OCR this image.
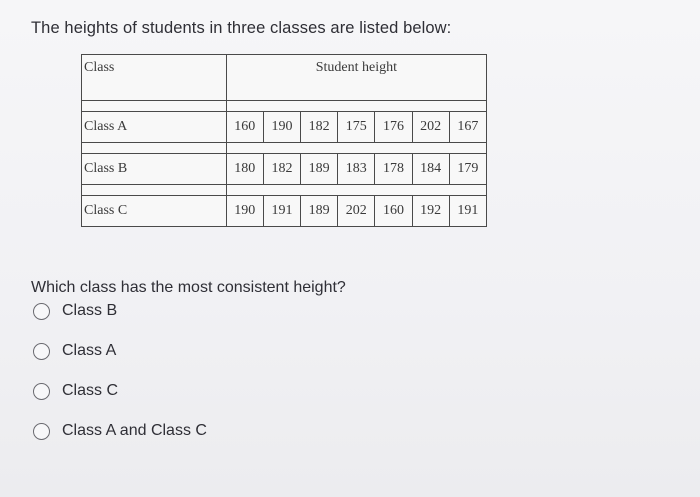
The heights of students in three classes are listed below:
Class	Student height						

Class A	160	190	182	175	176	202	167

Class B	180	182	189	183	178	184	179

Class C	190	191	189	202	160	192	191
Which class has the most consistent height?
Class B
Class A
Class C
Class A and Class C
